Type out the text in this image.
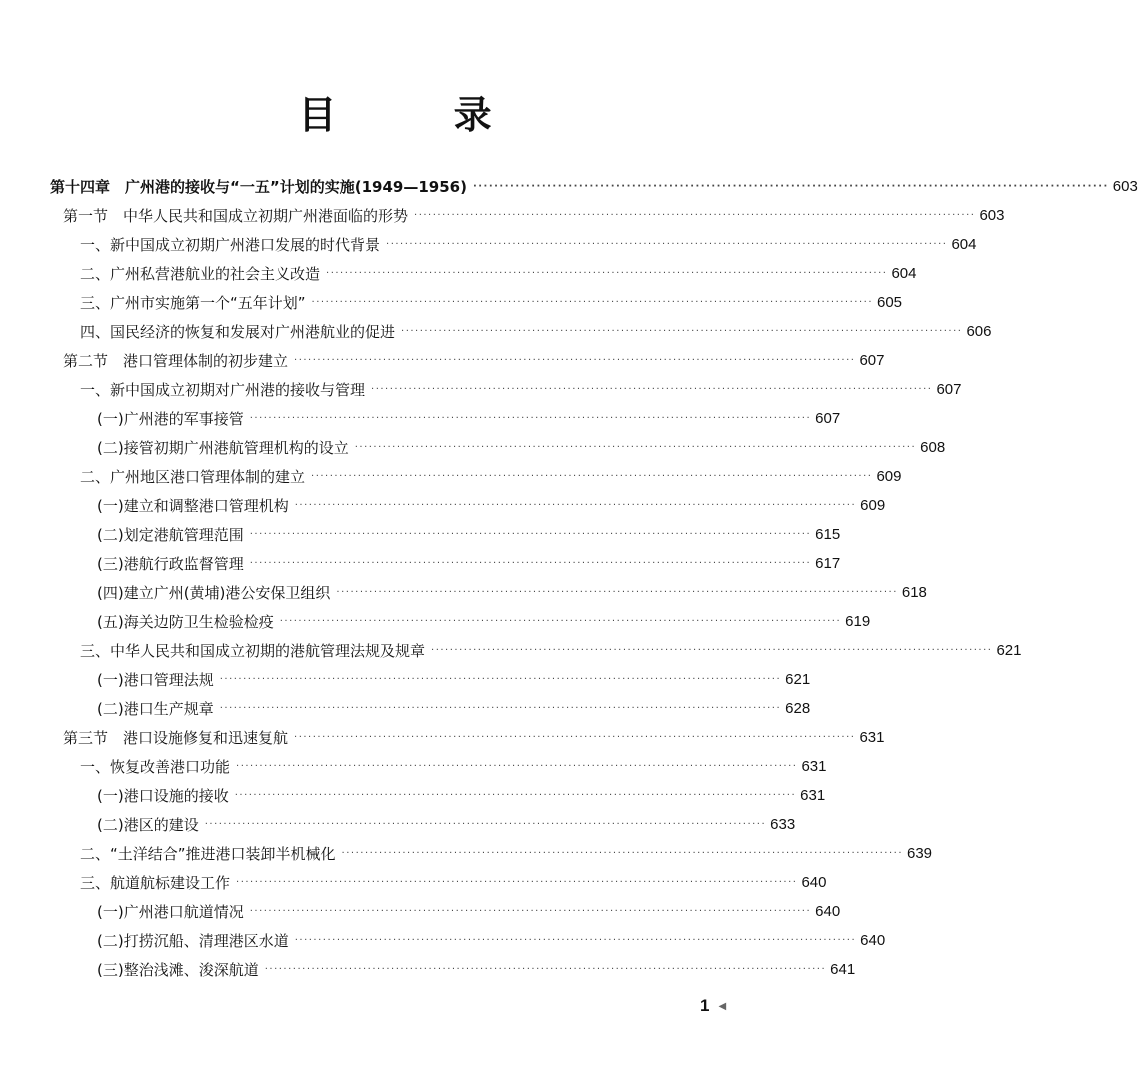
目 录
第十四章　广州港的接收与“一五”计划的实施(1949—1956) ························································································································ 603
第一节　中华人民共和国成立初期广州港面临的形势 ························································································································ 603
一、新中国成立初期广州港口发展的时代背景 ························································································································ 604
二、广州私营港航业的社会主义改造 ························································································································ 604
三、广州市实施第一个“五年计划” ························································································································ 605
四、国民经济的恢复和发展对广州港航业的促进 ························································································································ 606
第二节　港口管理体制的初步建立 ························································································································ 607
一、新中国成立初期对广州港的接收与管理 ························································································································ 607
(一)广州港的军事接管 ························································································································ 607
(二)接管初期广州港航管理机构的设立 ························································································································ 608
二、广州地区港口管理体制的建立 ························································································································ 609
(一)建立和调整港口管理机构 ························································································································ 609
(二)划定港航管理范围 ························································································································ 615
(三)港航行政监督管理 ························································································································ 617
(四)建立广州(黄埔)港公安保卫组织 ························································································································ 618
(五)海关边防卫生检验检疫 ························································································································ 619
三、中华人民共和国成立初期的港航管理法规及规章 ························································································································ 621
(一)港口管理法规 ························································································································ 621
(二)港口生产规章 ························································································································ 628
第三节　港口设施修复和迅速复航 ························································································································ 631
一、恢复改善港口功能 ························································································································ 631
(一)港口设施的接收 ························································································································ 631
(二)港区的建设 ························································································································ 633
二、“土洋结合”推进港口装卸半机械化 ························································································································ 639
三、航道航标建设工作 ························································································································ 640
(一)广州港口航道情况 ························································································································ 640
(二)打捞沉船、清理港区水道 ························································································································ 640
(三)整治浅滩、浚深航道 ························································································································ 641
1 ◀
